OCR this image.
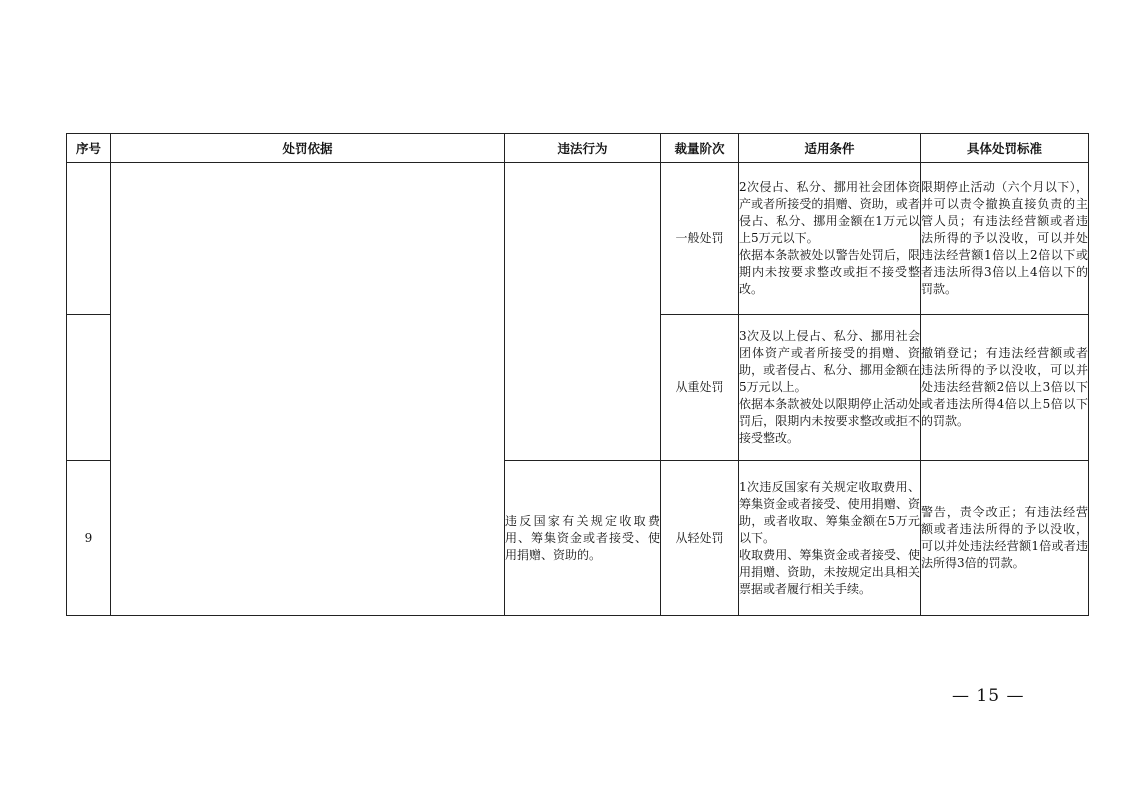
序号	处罚依据	违法行为	裁量阶次	适用条件	具体处罚标准
			一般处罚	2次侵占、私分、挪用社会团体资产或者所接受的捐赠、资助，或者侵占、私分、挪用金额在1万元以上5万元以下。
依据本条款被处以警告处罚后，限期内未按要求整改或拒不接受整改。	限期停止活动（六个月以下），并可以责令撤换直接负责的主管人员；有违法经营额或者违法所得的予以没收，可以并处违法经营额1倍以上2倍以下或者违法所得3倍以上4倍以下的罚款。
			从重处罚	3次及以上侵占、私分、挪用社会团体资产或者所接受的捐赠、资助，或者侵占、私分、挪用金额在5万元以上。
依据本条款被处以限期停止活动处罚后，限期内未按要求整改或拒不接受整改。	撤销登记；有违法经营额或者违法所得的予以没收，可以并处违法经营额2倍以上3倍以下或者违法所得4倍以上5倍以下的罚款。
9		违反国家有关规定收取费用、筹集资金或者接受、使用捐赠、资助的。	从轻处罚	1次违反国家有关规定收取费用、筹集资金或者接受、使用捐赠、资助，或者收取、筹集金额在5万元以下。
收取费用、筹集资金或者接受、使用捐赠、资助，未按规定出具相关票据或者履行相关手续。	警告，责令改正；有违法经营额或者违法所得的予以没收，可以并处违法经营额1倍或者违法所得3倍的罚款。
— 15 —
